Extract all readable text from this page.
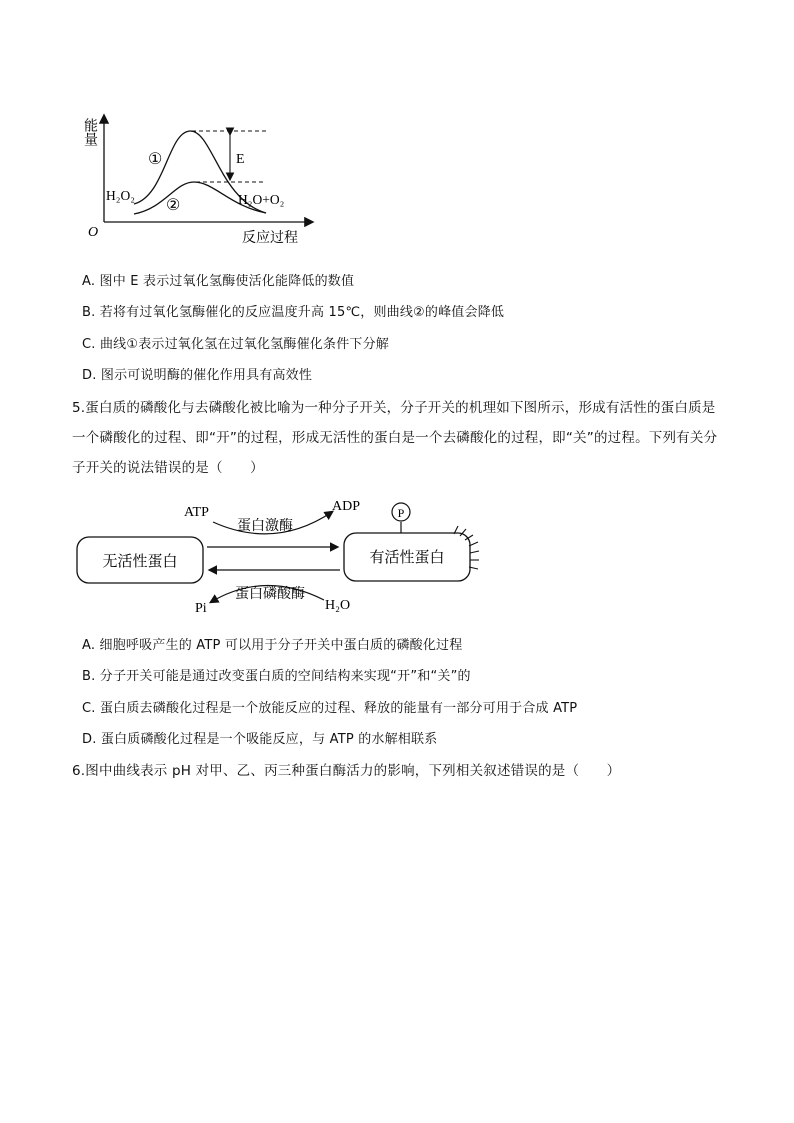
能量
O	反应过程
①
②
E
H₂O₂	H₂O+O₂
A. 图中 E 表示过氧化氢酶使活化能降低的数值
B. 若将有过氧化氢酶催化的反应温度升高 15℃，则曲线②的峰值会降低
C. 曲线①表示过氧化氢在过氧化氢酶催化条件下分解
D. 图示可说明酶的催化作用具有高效性
5.蛋白质的磷酸化与去磷酸化被比喻为一种分子开关，分子开关的机理如下图所示，形成有活性的蛋白质是
一个磷酸化的过程、即“开”的过程，形成无活性的蛋白是一个去磷酸化的过程，即“关”的过程。下列有关分
子开关的说法错误的是（　　）
无活性蛋白	有活性蛋白
ATP	ADP
蛋白激酶
蛋白磷酸酶
Pi	H₂O
P
A. 细胞呼吸产生的 ATP 可以用于分子开关中蛋白质的磷酸化过程
B. 分子开关可能是通过改变蛋白质的空间结构来实现“开”和“关”的
C. 蛋白质去磷酸化过程是一个放能反应的过程、释放的能量有一部分可用于合成 ATP
D. 蛋白质磷酸化过程是一个吸能反应，与 ATP 的水解相联系
6.图中曲线表示 pH 对甲、乙、丙三种蛋白酶活力的影响，下列相关叙述错误的是（　　）
